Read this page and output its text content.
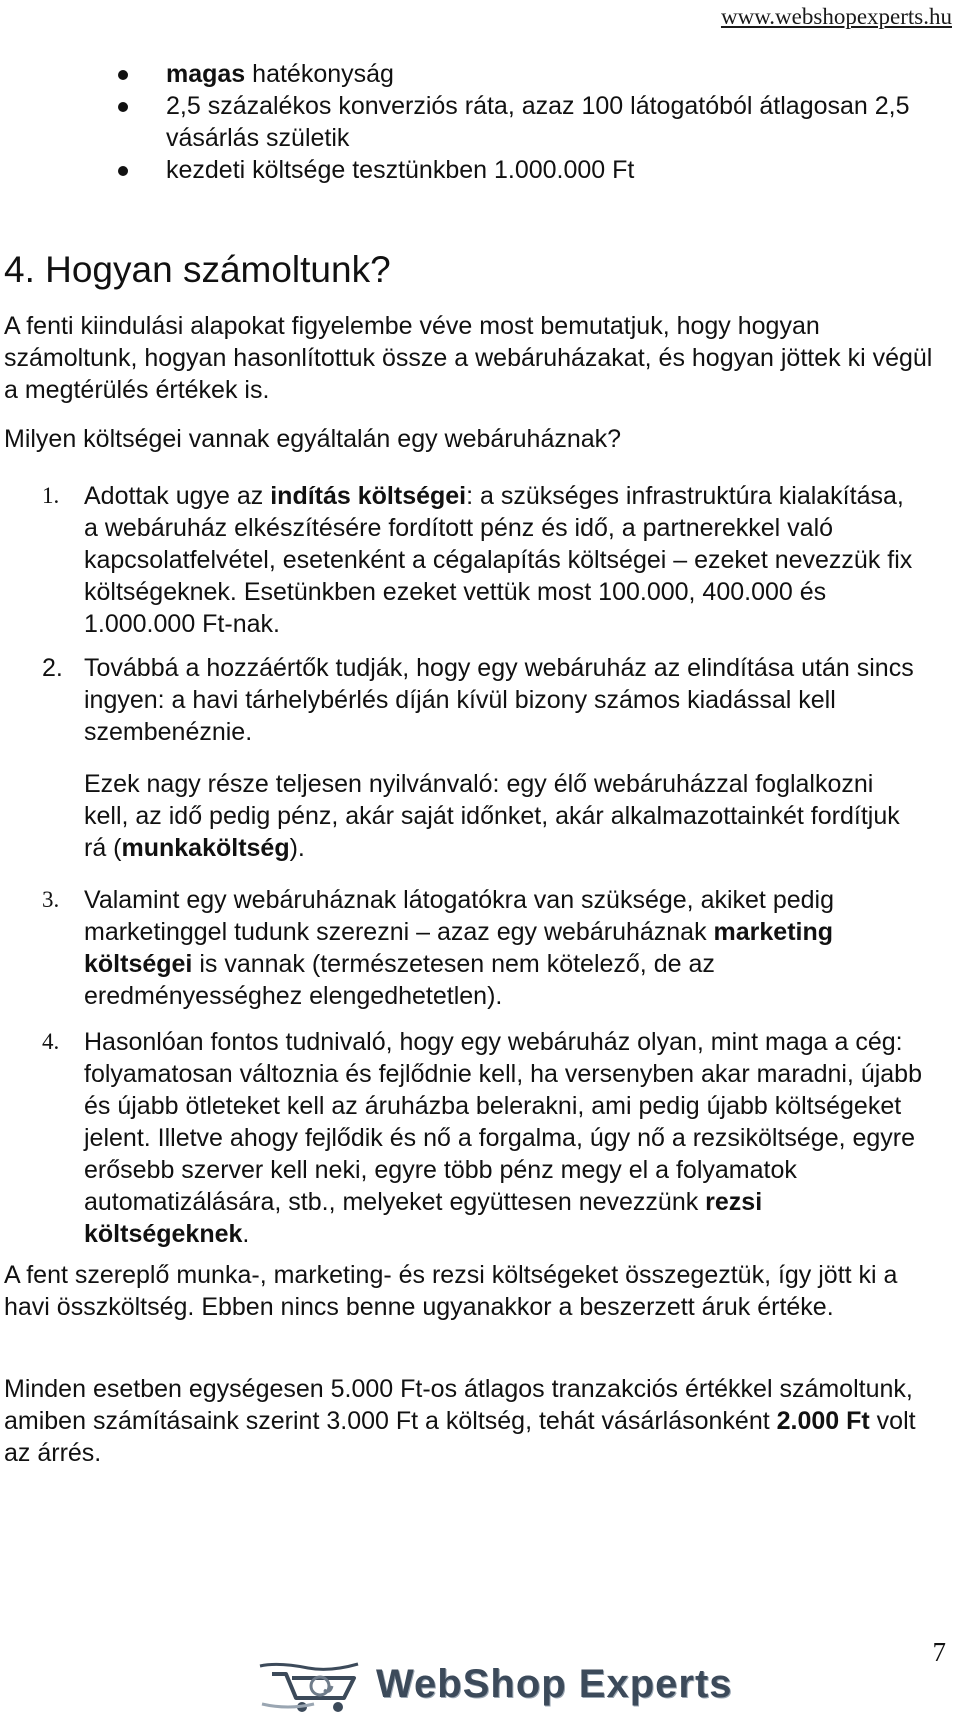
www.webshopexperts.hu
magas hatékonyság
2,5 százalékos konverziós ráta, azaz 100 látogatóból átlagosan 2,5 vásárlás születik
kezdeti költsége tesztünkben 1.000.000 Ft
4. Hogyan számoltunk?

A fenti kiindulási alapokat figyelembe véve most bemutatjuk, hogy hogyan számoltunk, hogyan hasonlítottuk össze a webáruházakat, és hogyan jöttek ki végül a megtérülés értékek is.

Milyen költségei vannak egyáltalán egy webáruháznak?

1. Adottak ugye az indítás költségei: a szükséges infrastruktúra kialakítása, a webáruház elkészítésére fordított pénz és idő, a partnerekkel való kapcsolatfelvétel, esetenként a cégalapítás költségei – ezeket nevezzük fix költségeknek. Esetünkben ezeket vettük most 100.000, 400.000 és 1.000.000 Ft-nak.

2. Továbbá a hozzáértők tudják, hogy egy webáruház az elindítása után sincs ingyen: a havi tárhelybérlés díján kívül bizony számos kiadással kell szembenéznie.

Ezek nagy része teljesen nyilvánvaló: egy élő webáruházzal foglalkozni kell, az idő pedig pénz, akár saját időnket, akár alkalmazottainkét fordítjuk rá (munkaköltség).

3. Valamint egy webáruháznak látogatókra van szüksége, akiket pedig marketinggel tudunk szerezni – azaz egy webáruháznak marketing költségei is vannak (természetesen nem kötelező, de az eredményességhez elengedhetetlen).

4. Hasonlóan fontos tudnivaló, hogy egy webáruház olyan, mint maga a cég: folyamatosan változnia és fejlődnie kell, ha versenyben akar maradni, újabb és újabb ötleteket kell az áruházba belerakni, ami pedig újabb költségeket jelent. Illetve ahogy fejlődik és nő a forgalma, úgy nő a rezsiköltsége, egyre erősebb szerver kell neki, egyre több pénz megy el a folyamatok automatizálására, stb., melyeket együttesen nevezzünk rezsi költségeknek.

A fent szereplő munka-, marketing- és rezsi költségeket összegeztük, így jött ki a havi összköltség. Ebben nincs benne ugyanakkor a beszerzett áruk értéke.

Minden esetben egységesen 5.000 Ft-os átlagos tranzakciós értékkel számoltunk, amiben számításaink szerint 3.000 Ft a költség, tehát vásárlásonként 2.000 Ft volt az árrés.

7
WebShop Experts
